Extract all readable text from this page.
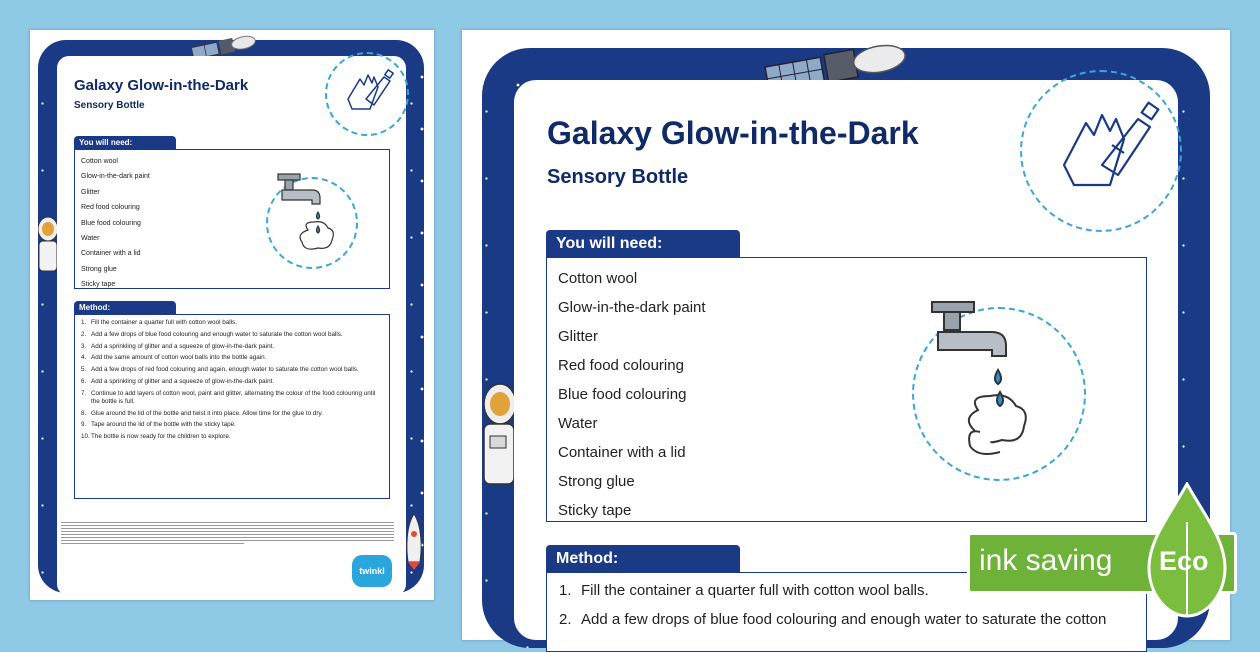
Galaxy Glow-in-the-Dark
Sensory Bottle
You will need:
Cotton wool
Glow-in-the-dark paint
Glitter
Red food colouring
Blue food colouring
Water
Container with a lid
Strong glue
Sticky tape
Method:
1. Fill the container a quarter full with cotton wool balls.
2. Add a few drops of blue food colouring and enough water to saturate the cotton wool balls.
3. Add a sprinkling of glitter and a squeeze of glow-in-the-dark paint.
4. Add the same amount of cotton wool balls into the bottle again.
5. Add a few drops of red food colouring and again, enough water to saturate the cotton wool balls.
6. Add a sprinkling of glitter and a squeeze of glow-in-the-dark paint.
7. Continue to add layers of cotton wool, paint and glitter, alternating the colour of the food colouring until the bottle is full.
8. Glue around the lid of the bottle and twist it into place. Allow time for the glue to dry.
9. Tape around the lid of the bottle with the sticky tape.
10. The bottle is now ready for the children to explore.
twinkl
Galaxy Glow-in-the-Dark
Sensory Bottle
You will need:
Cotton wool
Glow-in-the-dark paint
Glitter
Red food colouring
Blue food colouring
Water
Container with a lid
Strong glue
Sticky tape
Method:
1. Fill the container a quarter full with cotton wool balls.
2. Add a few drops of blue food colouring and enough water to saturate the cotton
ink saving Eco
